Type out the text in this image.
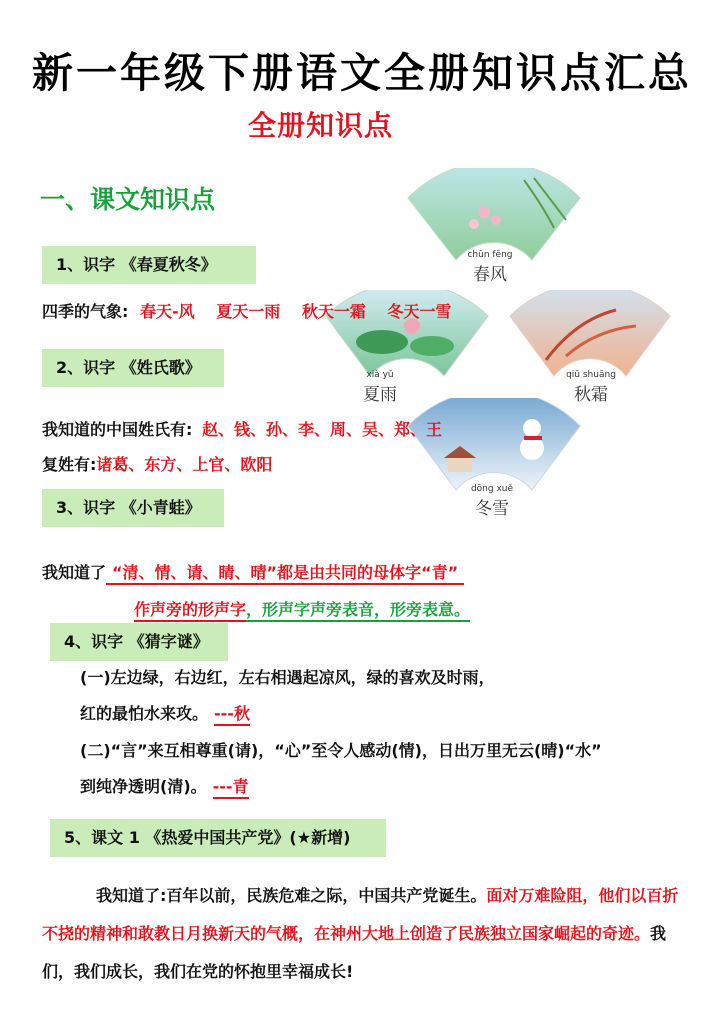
新一年级下册语文全册知识点汇总
全册知识点
一、课文知识点
chūn fēng
春风
xià yǔ
夏雨
qiū shuāng
秋霜
dōng xuě
冬雪
1、识字 《春夏秋冬》
四季的气象: 春天-风 夏天一雨 秋天一霜 冬天一雪
2、识字 《姓氏歌》
我知道的中国姓氏有: 赵、钱、孙、李、周、吴、郑、王
复姓有:诸葛、东方、上官、欧阳
3、识字 《小青蛙》
我知道了 “清、情、请、睛、晴”都是由共同的母体字“青”
作声旁的形声字，形声字声旁表音，形旁表意。
4、识字 《猜字谜》
(一)左边绿，右边红，左右相遇起凉风，绿的喜欢及时雨，
红的最怕水来攻。 ---秋
(二)“言”来互相尊重(请)，“心”至令人感动(情)，日出万里无云(晴)“水”
到纯净透明(清)。 ---青
5、课文 1 《热爱中国共产党》(★新增)
我知道了:百年以前，民族危难之际，中国共产党诞生。面对万难险阻，他们以百折不挠的精神和敢教日月换新天的气概，在神州大地上创造了民族独立国家崛起的奇迹。我们，我们成长，我们在党的怀抱里幸福成长!
